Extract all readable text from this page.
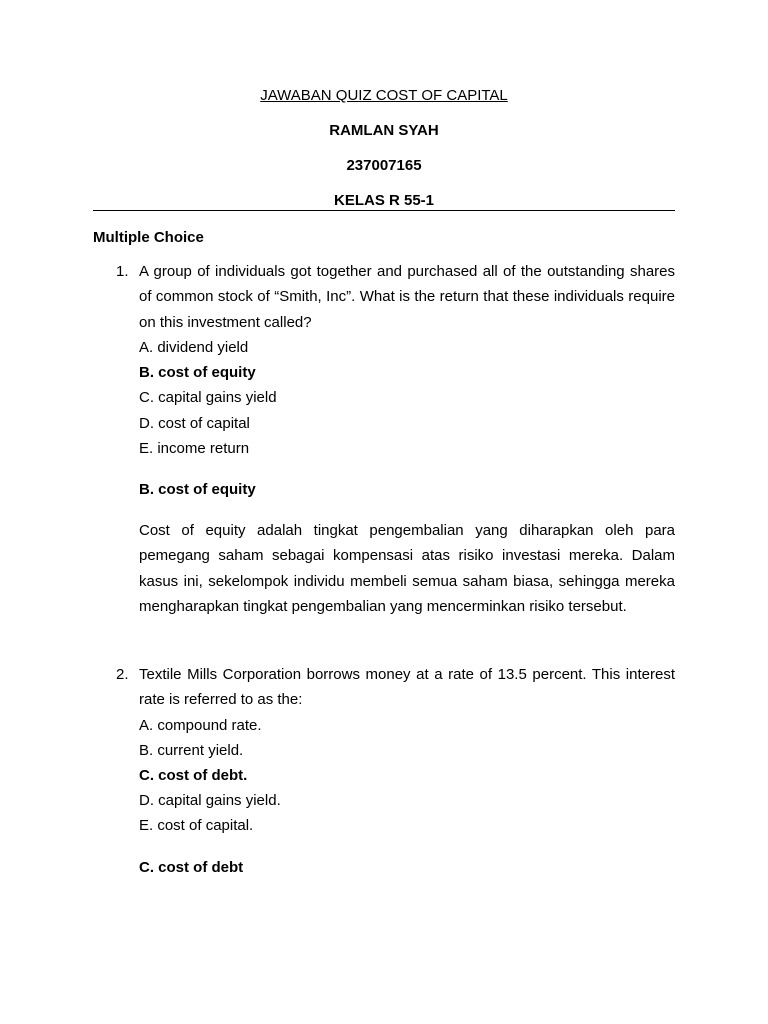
JAWABAN QUIZ COST OF CAPITAL
RAMLAN SYAH
237007165
KELAS R 55-1
Multiple Choice
1. A group of individuals got together and purchased all of the outstanding shares of common stock of “Smith, Inc”. What is the return that these individuals require on this investment called?

A. dividend yield

B. cost of equity

C. capital gains yield

D. cost of capital

E. income return

B. cost of equity

Cost of equity adalah tingkat pengembalian yang diharapkan oleh para pemegang saham sebagai kompensasi atas risiko investasi mereka. Dalam kasus ini, sekelompok individu membeli semua saham biasa, sehingga mereka mengharapkan tingkat pengembalian yang mencerminkan risiko tersebut.

2. Textile Mills Corporation borrows money at a rate of 13.5 percent. This interest rate is referred to as the:

A. compound rate.

B. current yield.

C. cost of debt.

D. capital gains yield.

E. cost of capital.

C. cost of debt
